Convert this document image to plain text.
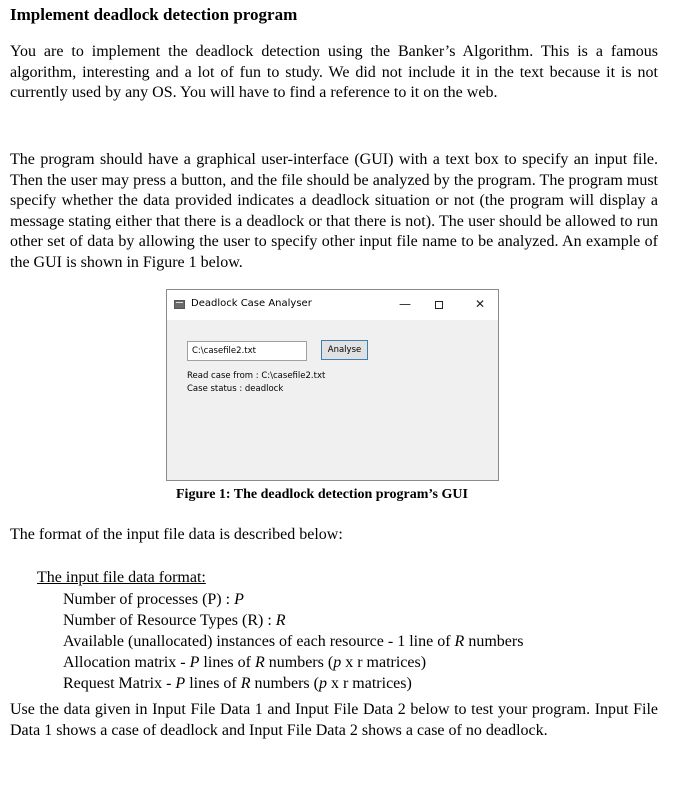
Implement deadlock detection program

You are to implement the deadlock detection using the Banker’s Algorithm. This is a famous algorithm, interesting and a lot of fun to study. We did not include it in the text because it is not currently used by any OS. You will have to find a reference to it on the web.

The program should have a graphical user-interface (GUI) with a text box to specify an input file. Then the user may press a button, and the file should be analyzed by the program. The program must specify whether the data provided indicates a deadlock situation or not (the program will display a message stating either that there is a deadlock or that there is not). The user should be allowed to run other set of data by allowing the user to specify other input file name to be analyzed. An example of the GUI is shown in Figure 1 below.

Deadlock Case Analyser	—	✕
C:\casefile2.txt
Analyse
Read case from : C:\casefile2.txt
Case status : deadlock
Figure 1: The deadlock detection program’s GUI
The format of the input file data is described below:
The input file data format:
Number of processes (P) : P
Number of Resource Types (R) : R
Available (unallocated) instances of each resource - 1 line of R numbers
Allocation matrix - P lines of R numbers (p x r matrices)
Request Matrix - P lines of R numbers (p x r matrices)

Use the data given in Input File Data 1 and Input File Data 2 below to test your program. Input File Data 1 shows a case of deadlock and Input File Data 2 shows a case of no deadlock.
